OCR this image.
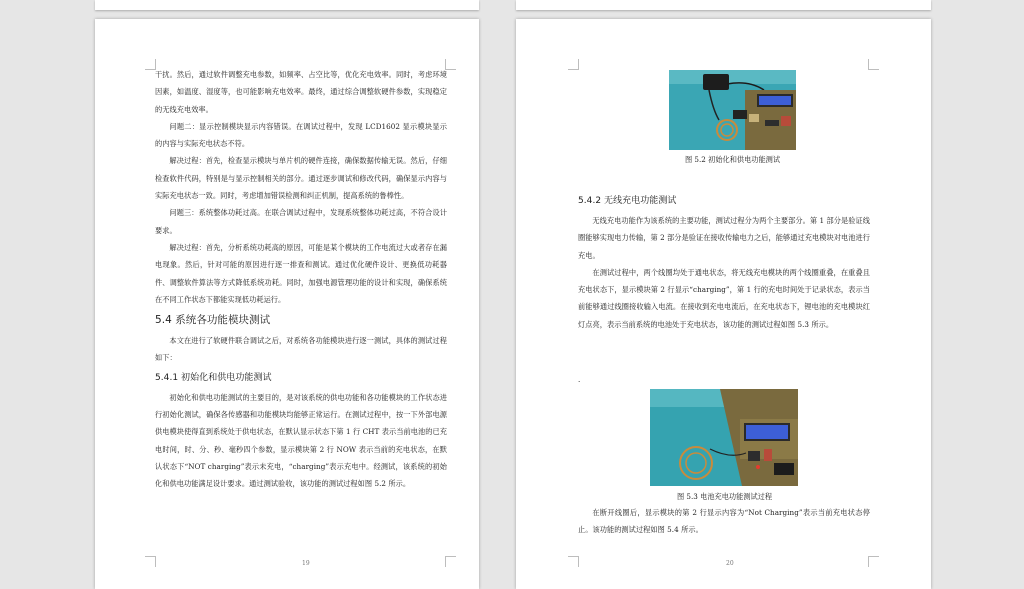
干扰。然后，通过软件调整充电参数，如频率、占空比等，优化充电效率。同时，考虑环境因素，如温度、湿度等，也可能影响充电效率。最终，通过综合调整软硬件参数，实现稳定的无线充电效率。

问题二：显示控制模块显示内容错误。在调试过程中，发现 LCD1602 显示模块显示的内容与实际充电状态不符。

解决过程：首先，检查显示模块与单片机的硬件连接，确保数据传输无误。然后，仔细检查软件代码，特别是与显示控制相关的部分。通过逐步调试和修改代码，确保显示内容与实际充电状态一致。同时，考虑增加错误检测和纠正机制，提高系统的鲁棒性。

问题三：系统整体功耗过高。在联合调试过程中，发现系统整体功耗过高，不符合设计要求。

解决过程：首先，分析系统功耗高的原因，可能是某个模块的工作电流过大或者存在漏电现象。然后，针对可能的原因进行逐一排查和测试。通过优化硬件设计、更换低功耗器件、调整软件算法等方式降低系统功耗。同时，加强电源管理功能的设计和实现，确保系统在不同工作状态下都能实现低功耗运行。

5.4 系统各功能模块测试

本文在进行了软硬件联合调试之后，对系统各功能模块进行逐一测试，具体的测试过程如下：

5.4.1 初始化和供电功能测试

初始化和供电功能测试的主要目的，是对该系统的供电功能和各功能模块的工作状态进行初始化测试，确保各传感器和功能模块均能够正常运行。在测试过程中，按一下外部电源供电模块使得直到系统处于供电状态，在默认显示状态下第 1 行 CHT 表示当前电池的已充电时间，时、分、秒、毫秒四个参数，显示模块第 2 行 NOW 表示当前的充电状态，在默认状态下“NOT charging”表示未充电，“charging”表示充电中。经测试，该系统的初始化和供电功能满足设计要求。通过测试验收，该功能的测试过程如图 5.2 所示。

19
图 5.2 初始化和供电功能测试
5.4.2 无线充电功能测试

无线充电功能作为该系统的主要功能，测试过程分为两个主要部分。第 1 部分是验证线圈能够实现电力传输，第 2 部分是验证在接收传输电力之后，能够通过充电模块对电池进行充电。

在测试过程中，两个线圈均处于通电状态，将无线充电模块的两个线圈重叠，在重叠且充电状态下，显示模块第 2 行显示“charging”，第 1 行的充电时间处于记录状态，表示当前能够通过线圈接收输入电流。在接收到充电电流后，在充电状态下，锂电池的充电模块红灯点亮，表示当前系统的电池处于充电状态，该功能的测试过程如图 5.3 所示。

.
图 5.3 电池充电功能测试过程

在断开线圈后，显示模块的第 2 行显示内容为“Not Charging”表示当前充电状态停止。该功能的测试过程如图 5.4 所示。

20
